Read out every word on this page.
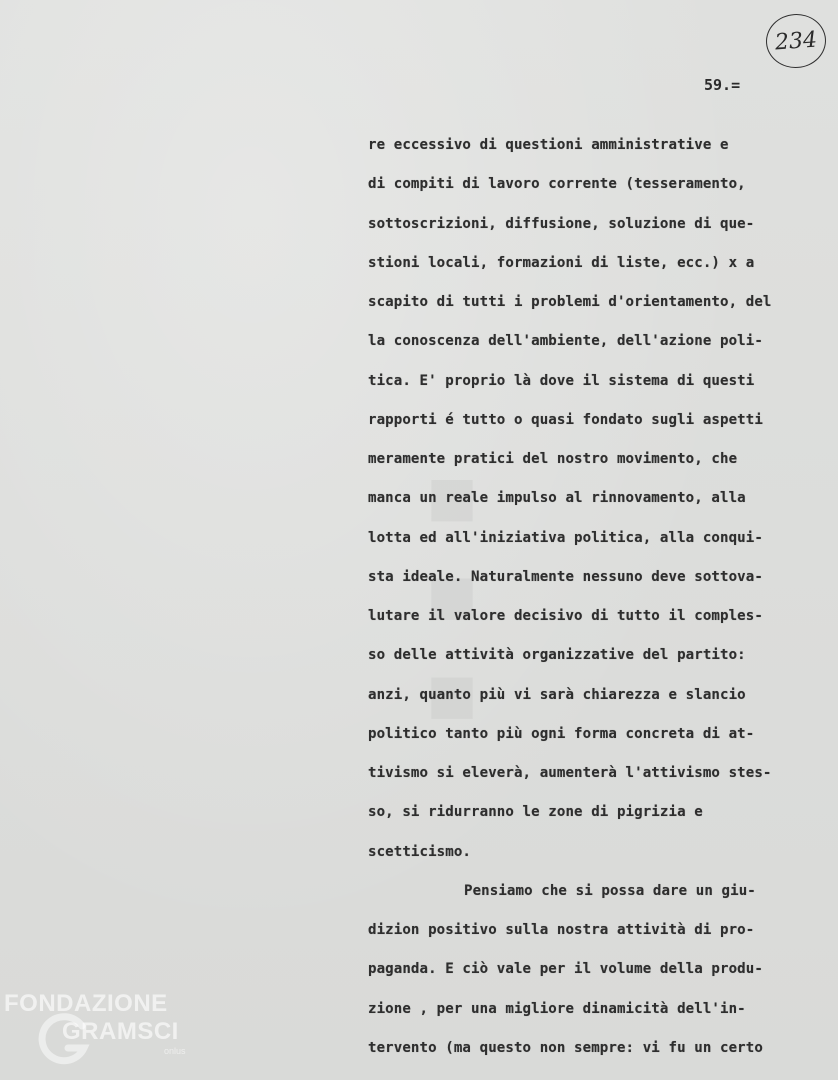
■ ■ ■
234
59.=
re eccessivo di questioni amministrative e
di compiti di lavoro corrente (tesseramento,
sottoscrizioni, diffusione, soluzione di que-
stioni locali, formazioni di liste, ecc.) x a
scapito di tutti i problemi d'orientamento, del
la conoscenza dell'ambiente, dell'azione poli-
tica. E' proprio là dove il sistema di questi
rapporti é tutto o quasi fondato sugli aspetti
meramente pratici del nostro movimento, che
manca un reale impulso al rinnovamento, alla
lotta ed all'iniziativa politica, alla conqui-
sta ideale. Naturalmente nessuno deve sottova-
lutare il valore decisivo di tutto il comples-
so delle attività organizzative del partito:
anzi, quanto più vi sarà chiarezza e slancio
politico tanto più ogni forma concreta di at-
tivismo si eleverà, aumenterà l'attivismo stes-
so, si ridurranno le zone di pigrizia e
scetticismo.
Pensiamo che si possa dare un giu-
dizion positivo sulla nostra attività di pro-
paganda. E ciò vale per il volume della produ-
zione , per una migliore dinamicità dell'in-
tervento (ma questo non sempre: vi fu un certo
FONDAZIONE
GRAMSCI
onlus
